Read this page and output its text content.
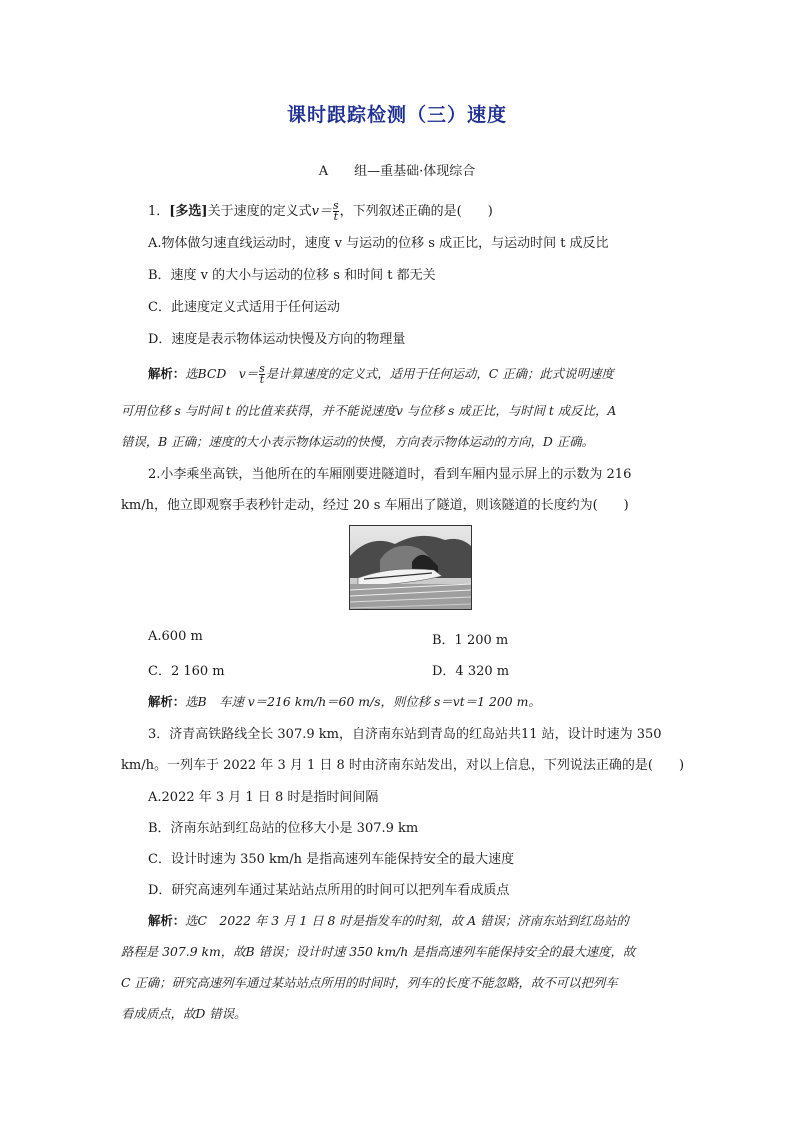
课时跟踪检测（三）速度
A 组—重基础·体现综合
1．[多选]关于速度的定义式$v= \frac{s}{t}$ ，下列叙述正确的是(　　)
A.物体做匀速直线运动时，速度 v 与运动的位移 s 成正比，与运动时间 t 成反比
B．速度 v 的大小与运动的位移 s 和时间 t 都无关
C．此速度定义式适用于任何运动
D．速度是表示物体运动快慢及方向的物理量
解析：选BCD　$v= \frac{s}{t}$ 是计算速度的定义式，适用于任何运动，C 正确；此式说明速度
可用位移 s 与时间 t 的比值来获得，并不能说速度v 与位移 s 成正比，与时间 t 成反比，A
错误，B 正确；速度的大小表示物体运动的快慢，方向表示物体运动的方向，D 正确。
2.小李乘坐高铁，当他所在的车厢刚要进隧道时，看到车厢内显示屏上的示数为 216
km/h，他立即观察手表秒针走动，经过 20 s 车厢出了隧道，则该隧道的长度约为(　　)
A.600 m	B．1 200 m
C．2 160 m	D．4 320 m
解析：选B　车速 v＝216 km/h＝60 m/s，则位移 s＝vt＝1 200 m。
3．济青高铁路线全长 307.9 km，自济南东站到青岛的红岛站共11 站，设计时速为 350
km/h。一列车于 2022 年 3 月 1 日 8 时由济南东站发出，对以上信息，下列说法正确的是(　　)
A.2022 年 3 月 1 日 8 时是指时间间隔
B．济南东站到红岛站的位移大小是 307.9 km
C．设计时速为 350 km/h 是指高速列车能保持安全的最大速度
D．研究高速列车通过某站站点所用的时间可以把列车看成质点
解析：选C　2022 年 3 月 1 日 8 时是指发车的时刻，故 A 错误；济南东站到红岛站的
路程是 307.9 km，故B 错误；设计时速 350 km/h 是指高速列车能保持安全的最大速度，故
C 正确；研究高速列车通过某站站点所用的时间时，列车的长度不能忽略，故不可以把列车
看成质点，故D 错误。
